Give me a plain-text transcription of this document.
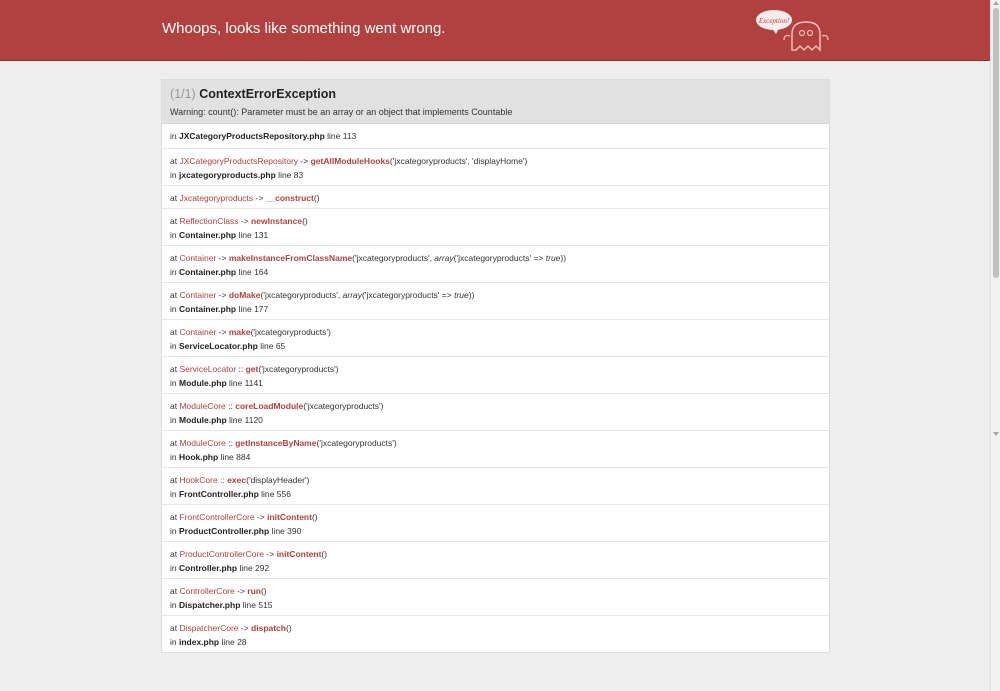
Whoops, looks like something went wrong.	Exception!
(1/1) ContextErrorException
Warning: count(): Parameter must be an array or an object that implements Countable
in JXCategoryProductsRepository.php line 113
at JXCategoryProductsRepository -> getAllModuleHooks('jxcategoryproducts', 'displayHome')
in jxcategoryproducts.php line 83
at Jxcategoryproducts -> __construct()
at ReflectionClass -> newInstance()
in Container.php line 131
at Container -> makeInstanceFromClassName('jxcategoryproducts', array('jxcategoryproducts' => true))
in Container.php line 164
at Container -> doMake('jxcategoryproducts', array('jxcategoryproducts' => true))
in Container.php line 177
at Container -> make('jxcategoryproducts')
in ServiceLocator.php line 65
at ServiceLocator :: get('jxcategoryproducts')
in Module.php line 1141
at ModuleCore :: coreLoadModule('jxcategoryproducts')
in Module.php line 1120
at ModuleCore :: getInstanceByName('jxcategoryproducts')
in Hook.php line 884
at HookCore :: exec('displayHeader')
in FrontController.php line 556
at FrontControllerCore -> initContent()
in ProductController.php line 390
at ProductControllerCore -> initContent()
in Controller.php line 292
at ControllerCore -> run()
in Dispatcher.php line 515
at DispatcherCore -> dispatch()
in index.php line 28
